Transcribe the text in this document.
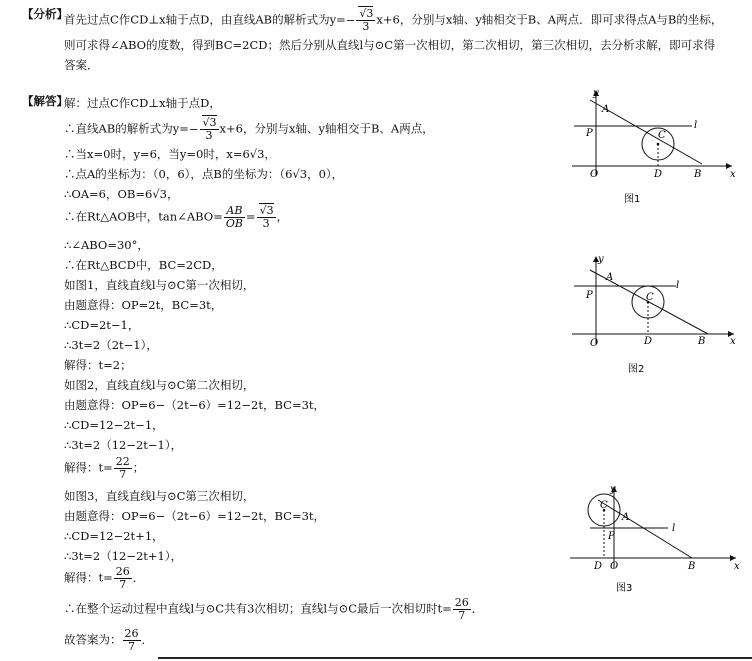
【分析】
首先过点C作CD⊥x轴于点D，由直线AB的解析式为$y=- \frac{√3}{3} x+6$，分别与x轴、y轴相交于B、A两点．即可求得点A与B的坐标，
则可求得∠ABO的度数，得到BC=2CD；然后分别从直线l与⊙C第一次相切，第二次相切，第三次相切，去分析求解，即可求得
答案．
【解答】
解：过点C作CD⊥x轴于点D，
∴直线AB的解析式为$y=- \frac{√3}{3} x+6$，分别与x轴、y轴相交于B、A两点，
∴当x=0时，y=6，当y=0时，x=6√3，
∴点A的坐标为：（0，6），点B的坐标为：（6√3，0），
∴OA=6，OB=6√3，
∴在Rt△AOB中，tan∠ABO= $\frac{AB}{OB} = \frac{√3}{3}$ ，
∴∠ABO=30°，
∴在Rt△BCD中，BC=2CD，
如图1，直线直线l与⊙C第一次相切，
由题意得：OP=2t，BC=3t，
∴CD=2t−1，
∴3t=2（2t−1），
解得：t=2；
如图2，直线直线l与⊙C第二次相切，
由题意得：OP=6−（2t−6）=12−2t，BC=3t，
∴CD=12−2t−1，
∴3t=2（12−2t−1），
解得：$t= \frac{22}{7}$ ；
如图3，直线直线l与⊙C第三次相切，
由题意得：OP=6−（2t−6）=12−2t，BC=3t，
∴CD=12−2t+1，
∴3t=2（12−2t+1），
解得：$t= \frac{26}{7}$ ．
∴在整个运动过程中直线l与⊙C共有3次相切；直线l与⊙C最后一次相切时$t= \frac{26}{7}$ ．
故答案为： $\frac{26}{7}$ ．
y
A
P	C
l
O	D	B	x
图1
y
A
P	C
l
O	D	B x
图2
y
C
A
P
l
D O	B	x
图3
